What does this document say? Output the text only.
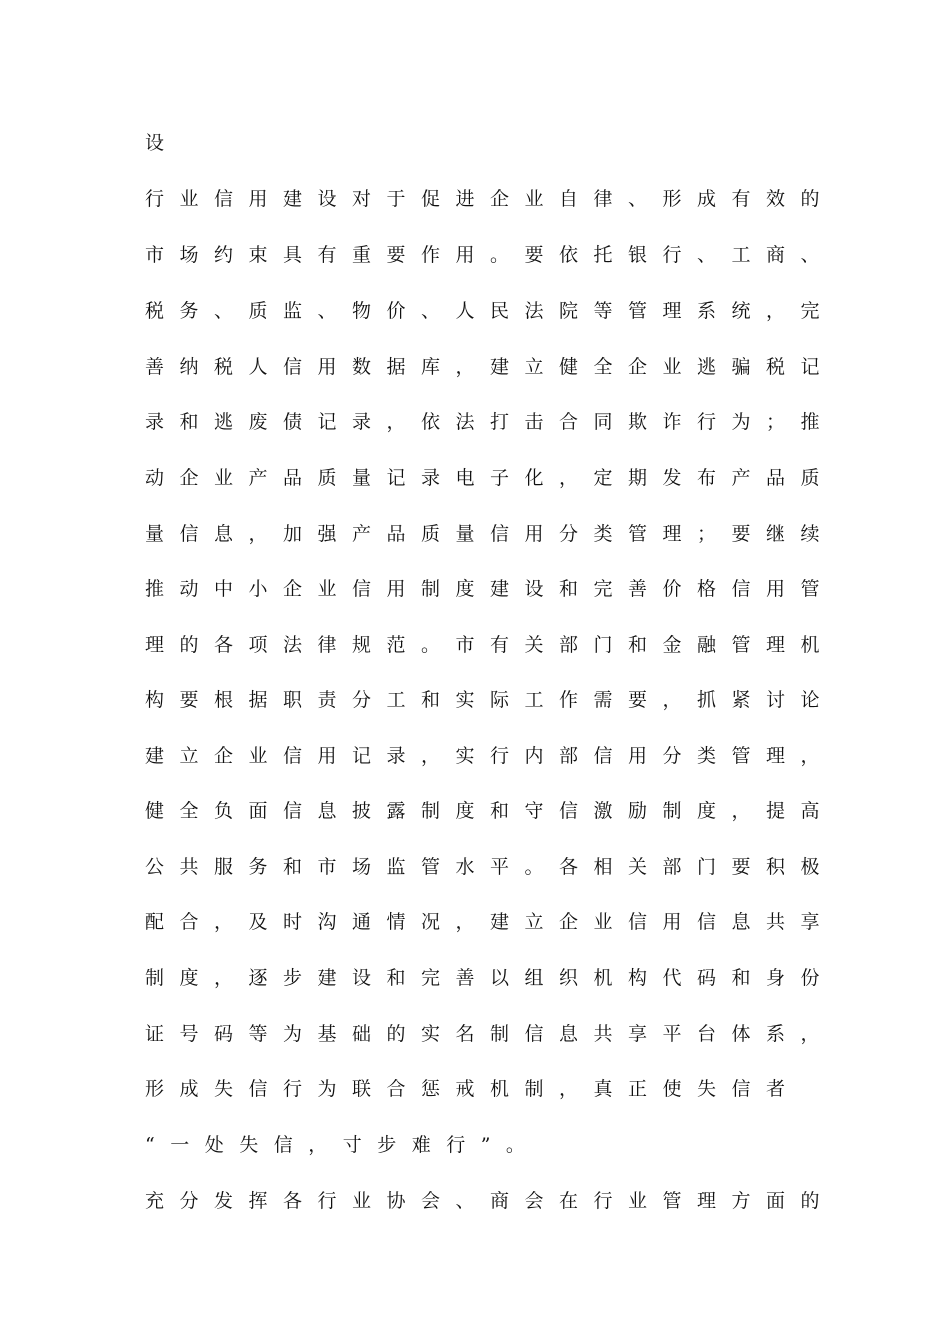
设
行业信用建设对于促进企业自律、形成有效的
市场约束具有重要作用。要依托银行、工商、
税务、质监、物价、人民法院等管理系统，完
善纳税人信用数据库，建立健全企业逃骗税记
录和逃废债记录，依法打击合同欺诈行为；推
动企业产品质量记录电子化，定期发布产品质
量信息，加强产品质量信用分类管理；要继续
推动中小企业信用制度建设和完善价格信用管
理的各项法律规范。市有关部门和金融管理机
构要根据职责分工和实际工作需要，抓紧讨论
建立企业信用记录，实行内部信用分类管理，
健全负面信息披露制度和守信激励制度，提高
公共服务和市场监管水平。各相关部门要积极
配合，及时沟通情况，建立企业信用信息共享
制度，逐步建设和完善以组织机构代码和身份
证号码等为基础的实名制信息共享平台体系，
形成失信行为联合惩戒机制，真正使失信者
“一处失信，寸步难行”。
充分发挥各行业协会、商会在行业管理方面的
